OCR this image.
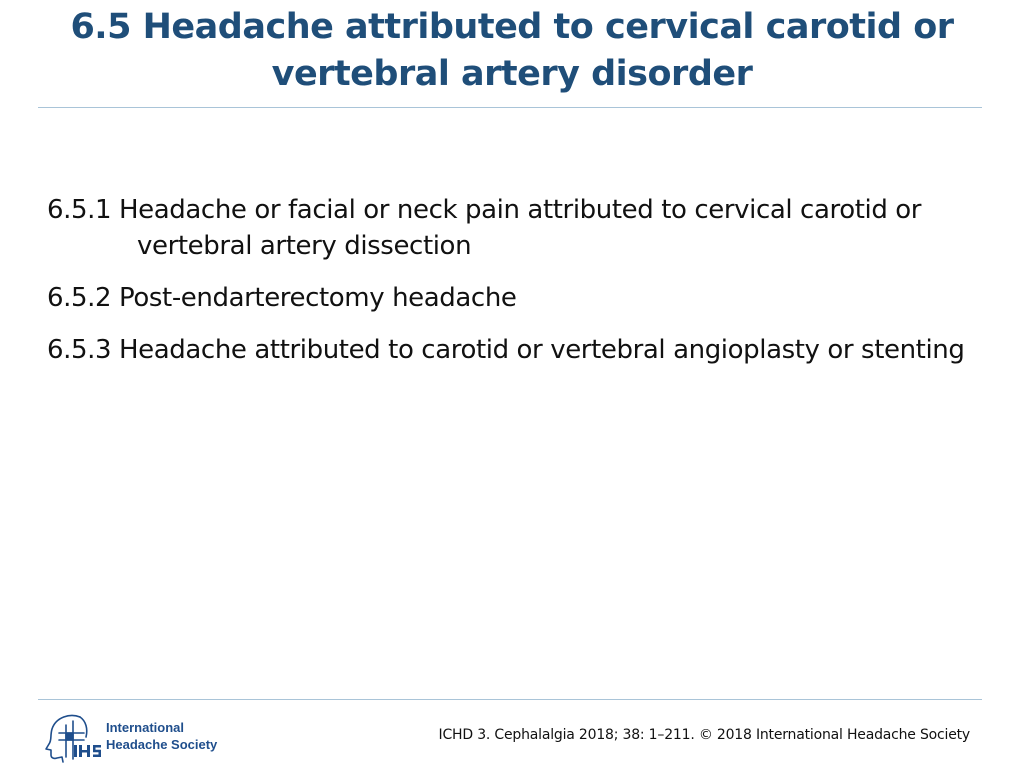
6.5 Headache attributed to cervical carotid or vertebral artery disorder
6.5.1 Headache or facial or neck pain attributed to cervical carotid or vertebral artery dissection
6.5.2 Post-endarterectomy headache
6.5.3 Headache attributed to carotid or vertebral angioplasty or stenting
International
Headache Society
ICHD 3. Cephalalgia 2018; 38: 1–211. © 2018 International Headache Society
